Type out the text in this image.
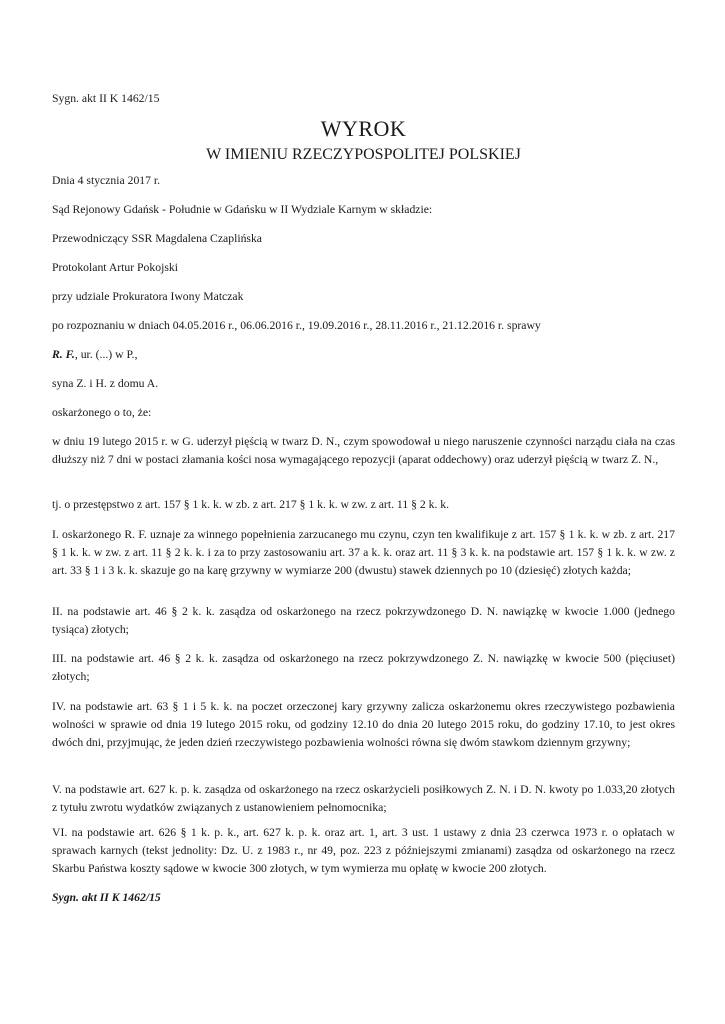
Sygn. akt II K 1462/15

WYROK
W IMIENIU RZECZYPOSPOLITEJ POLSKIEJ

Dnia 4 stycznia 2017 r.

Sąd Rejonowy Gdańsk - Południe w Gdańsku w II Wydziale Karnym w składzie:

Przewodniczący SSR Magdalena Czaplińska

Protokolant Artur Pokojski

przy udziale Prokuratora Iwony Matczak

po rozpoznaniu w dniach 04.05.2016 r., 06.06.2016 r., 19.09.2016 r., 28.11.2016 r., 21.12.2016 r. sprawy

R. F., ur. (...) w P.,

syna Z. i H. z domu A.

oskarżonego o to, że:

w dniu 19 lutego 2015 r. w G. uderzył pięścią w twarz D. N., czym spowodował u niego naruszenie czynności narządu ciała na czas dłuższy niż 7 dni w postaci złamania kości nosa wymagającego repozycji (aparat oddechowy) oraz uderzył pięścią w twarz Z. N.,

tj. o przestępstwo z art. 157 § 1 k. k. w zb. z art. 217 § 1 k. k. w zw. z art. 11 § 2 k. k.

I. oskarżonego R. F. uznaje za winnego popełnienia zarzucanego mu czynu, czyn ten kwalifikuje z art. 157 § 1 k. k. w zb. z art. 217 § 1 k. k. w zw. z art. 11 § 2 k. k. i za to przy zastosowaniu art. 37 a k. k. oraz art. 11 § 3 k. k. na podstawie art. 157 § 1 k. k. w zw. z art. 33 § 1 i 3 k. k. skazuje go na karę grzywny w wymiarze 200 (dwustu) stawek dziennych po 10 (dziesięć) złotych każda;

II. na podstawie art. 46 § 2 k. k. zasądza od oskarżonego na rzecz pokrzywdzonego D. N. nawiązkę w kwocie 1.000 (jednego tysiąca) złotych;

III. na podstawie art. 46 § 2 k. k. zasądza od oskarżonego na rzecz pokrzywdzonego Z. N. nawiązkę w kwocie 500 (pięciuset) złotych;

IV. na podstawie art. 63 § 1 i 5 k. k. na poczet orzeczonej kary grzywny zalicza oskarżonemu okres rzeczywistego pozbawienia wolności w sprawie od dnia 19 lutego 2015 roku, od godziny 12.10 do dnia 20 lutego 2015 roku, do godziny 17.10, to jest okres dwóch dni, przyjmując, że jeden dzień rzeczywistego pozbawienia wolności równa się dwóm stawkom dziennym grzywny;

V. na podstawie art. 627 k. p. k. zasądza od oskarżonego na rzecz oskarżycieli posiłkowych Z. N. i D. N. kwoty po 1.033,20 złotych z tytułu zwrotu wydatków związanych z ustanowieniem pełnomocnika;

VI. na podstawie art. 626 § 1 k. p. k., art. 627 k. p. k. oraz art. 1, art. 3 ust. 1 ustawy z dnia 23 czerwca 1973 r. o opłatach w sprawach karnych (tekst jednolity: Dz. U. z 1983 r., nr 49, poz. 223 z późniejszymi zmianami) zasądza od oskarżonego na rzecz Skarbu Państwa koszty sądowe w kwocie 300 złotych, w tym wymierza mu opłatę w kwocie 200 złotych.

Sygn. akt II K 1462/15
